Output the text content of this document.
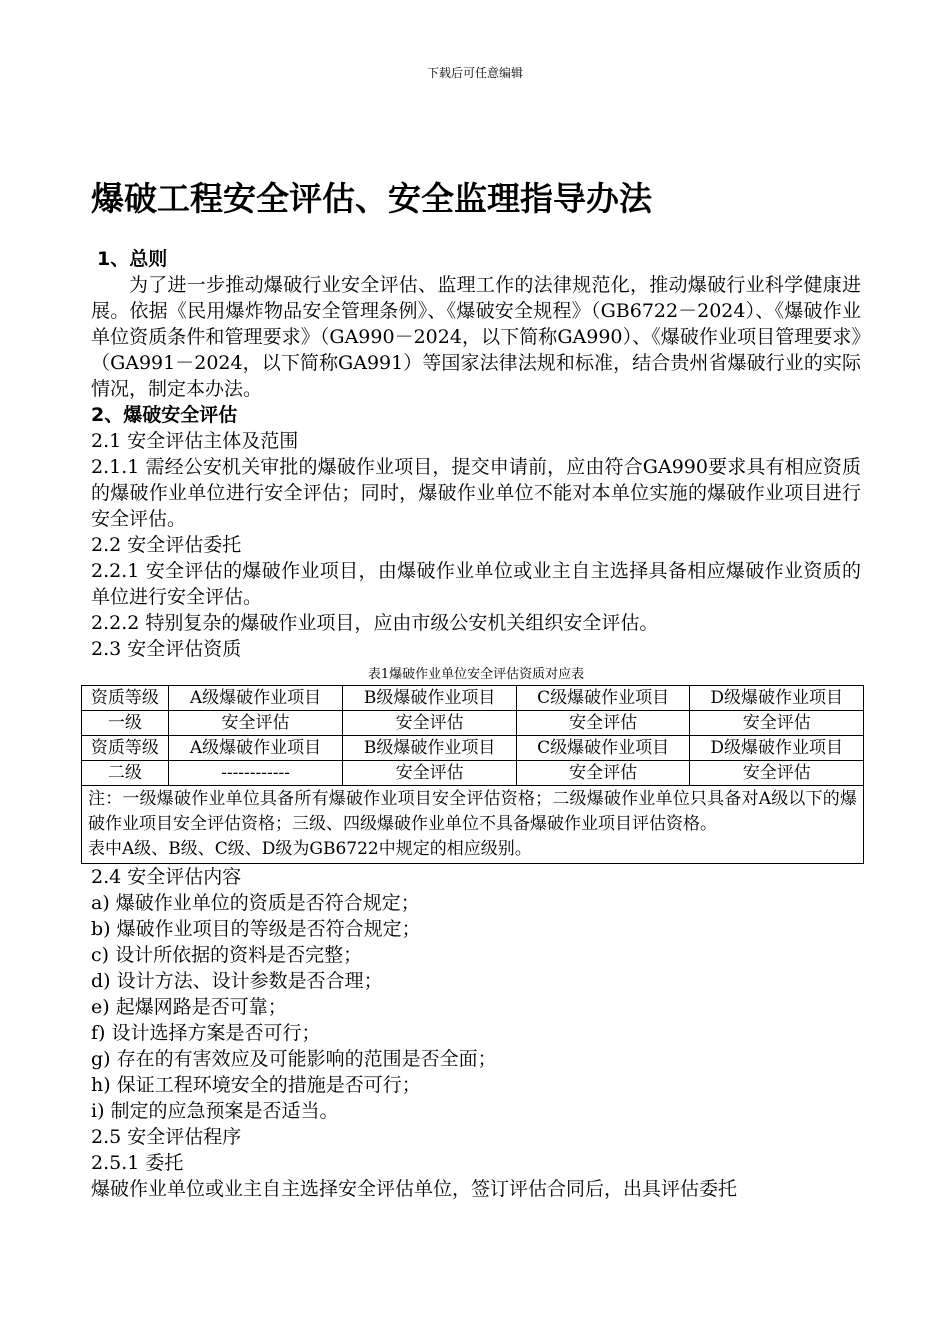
下载后可任意编辑
爆破工程安全评估、安全监理指导办法

1、总则

为了进一步推动爆破行业安全评估、监理工作的法律规范化，推动爆破行业科学健康进展。依据《民用爆炸物品安全管理条例》、《爆破安全规程》（GB6722－2024）、《爆破作业单位资质条件和管理要求》（GA990－2024，以下简称GA990）、《爆破作业项目管理要求》（GA991－2024，以下简称GA991）等国家法律法规和标准，结合贵州省爆破行业的实际情况，制定本办法。

2、爆破安全评估

2.1 安全评估主体及范围

2.1.1 需经公安机关审批的爆破作业项目，提交申请前，应由符合GA990要求具有相应资质的爆破作业单位进行安全评估；同时，爆破作业单位不能对本单位实施的爆破作业项目进行安全评估。

2.2 安全评估委托

2.2.1 安全评估的爆破作业项目，由爆破作业单位或业主自主选择具备相应爆破作业资质的单位进行安全评估。

2.2.2 特别复杂的爆破作业项目，应由市级公安机关组织安全评估。

2.3 安全评估资质

表1爆破作业单位安全评估资质对应表

资质等级	A级爆破作业项目	B级爆破作业项目	C级爆破作业项目	D级爆破作业项目
一级	安全评估	安全评估	安全评估	安全评估
资质等级	A级爆破作业项目	B级爆破作业项目	C级爆破作业项目	D级爆破作业项目
二级	------------	安全评估	安全评估	安全评估

注：一级爆破作业单位具备所有爆破作业项目安全评估资格；二级爆破作业单位只具备对A级以下的爆破作业项目安全评估资格；三级、四级爆破作业单位不具备爆破作业项目评估资格。

表中A级、B级、C级、D级为GB6722中规定的相应级别。				

2.4 安全评估内容

a) 爆破作业单位的资质是否符合规定；

b) 爆破作业项目的等级是否符合规定；

c) 设计所依据的资料是否完整；

d) 设计方法、设计参数是否合理；

e) 起爆网路是否可靠；

f) 设计选择方案是否可行；

g) 存在的有害效应及可能影响的范围是否全面；

h) 保证工程环境安全的措施是否可行；

i) 制定的应急预案是否适当。

2.5 安全评估程序

2.5.1 委托

爆破作业单位或业主自主选择安全评估单位，签订评估合同后，出具评估委托
